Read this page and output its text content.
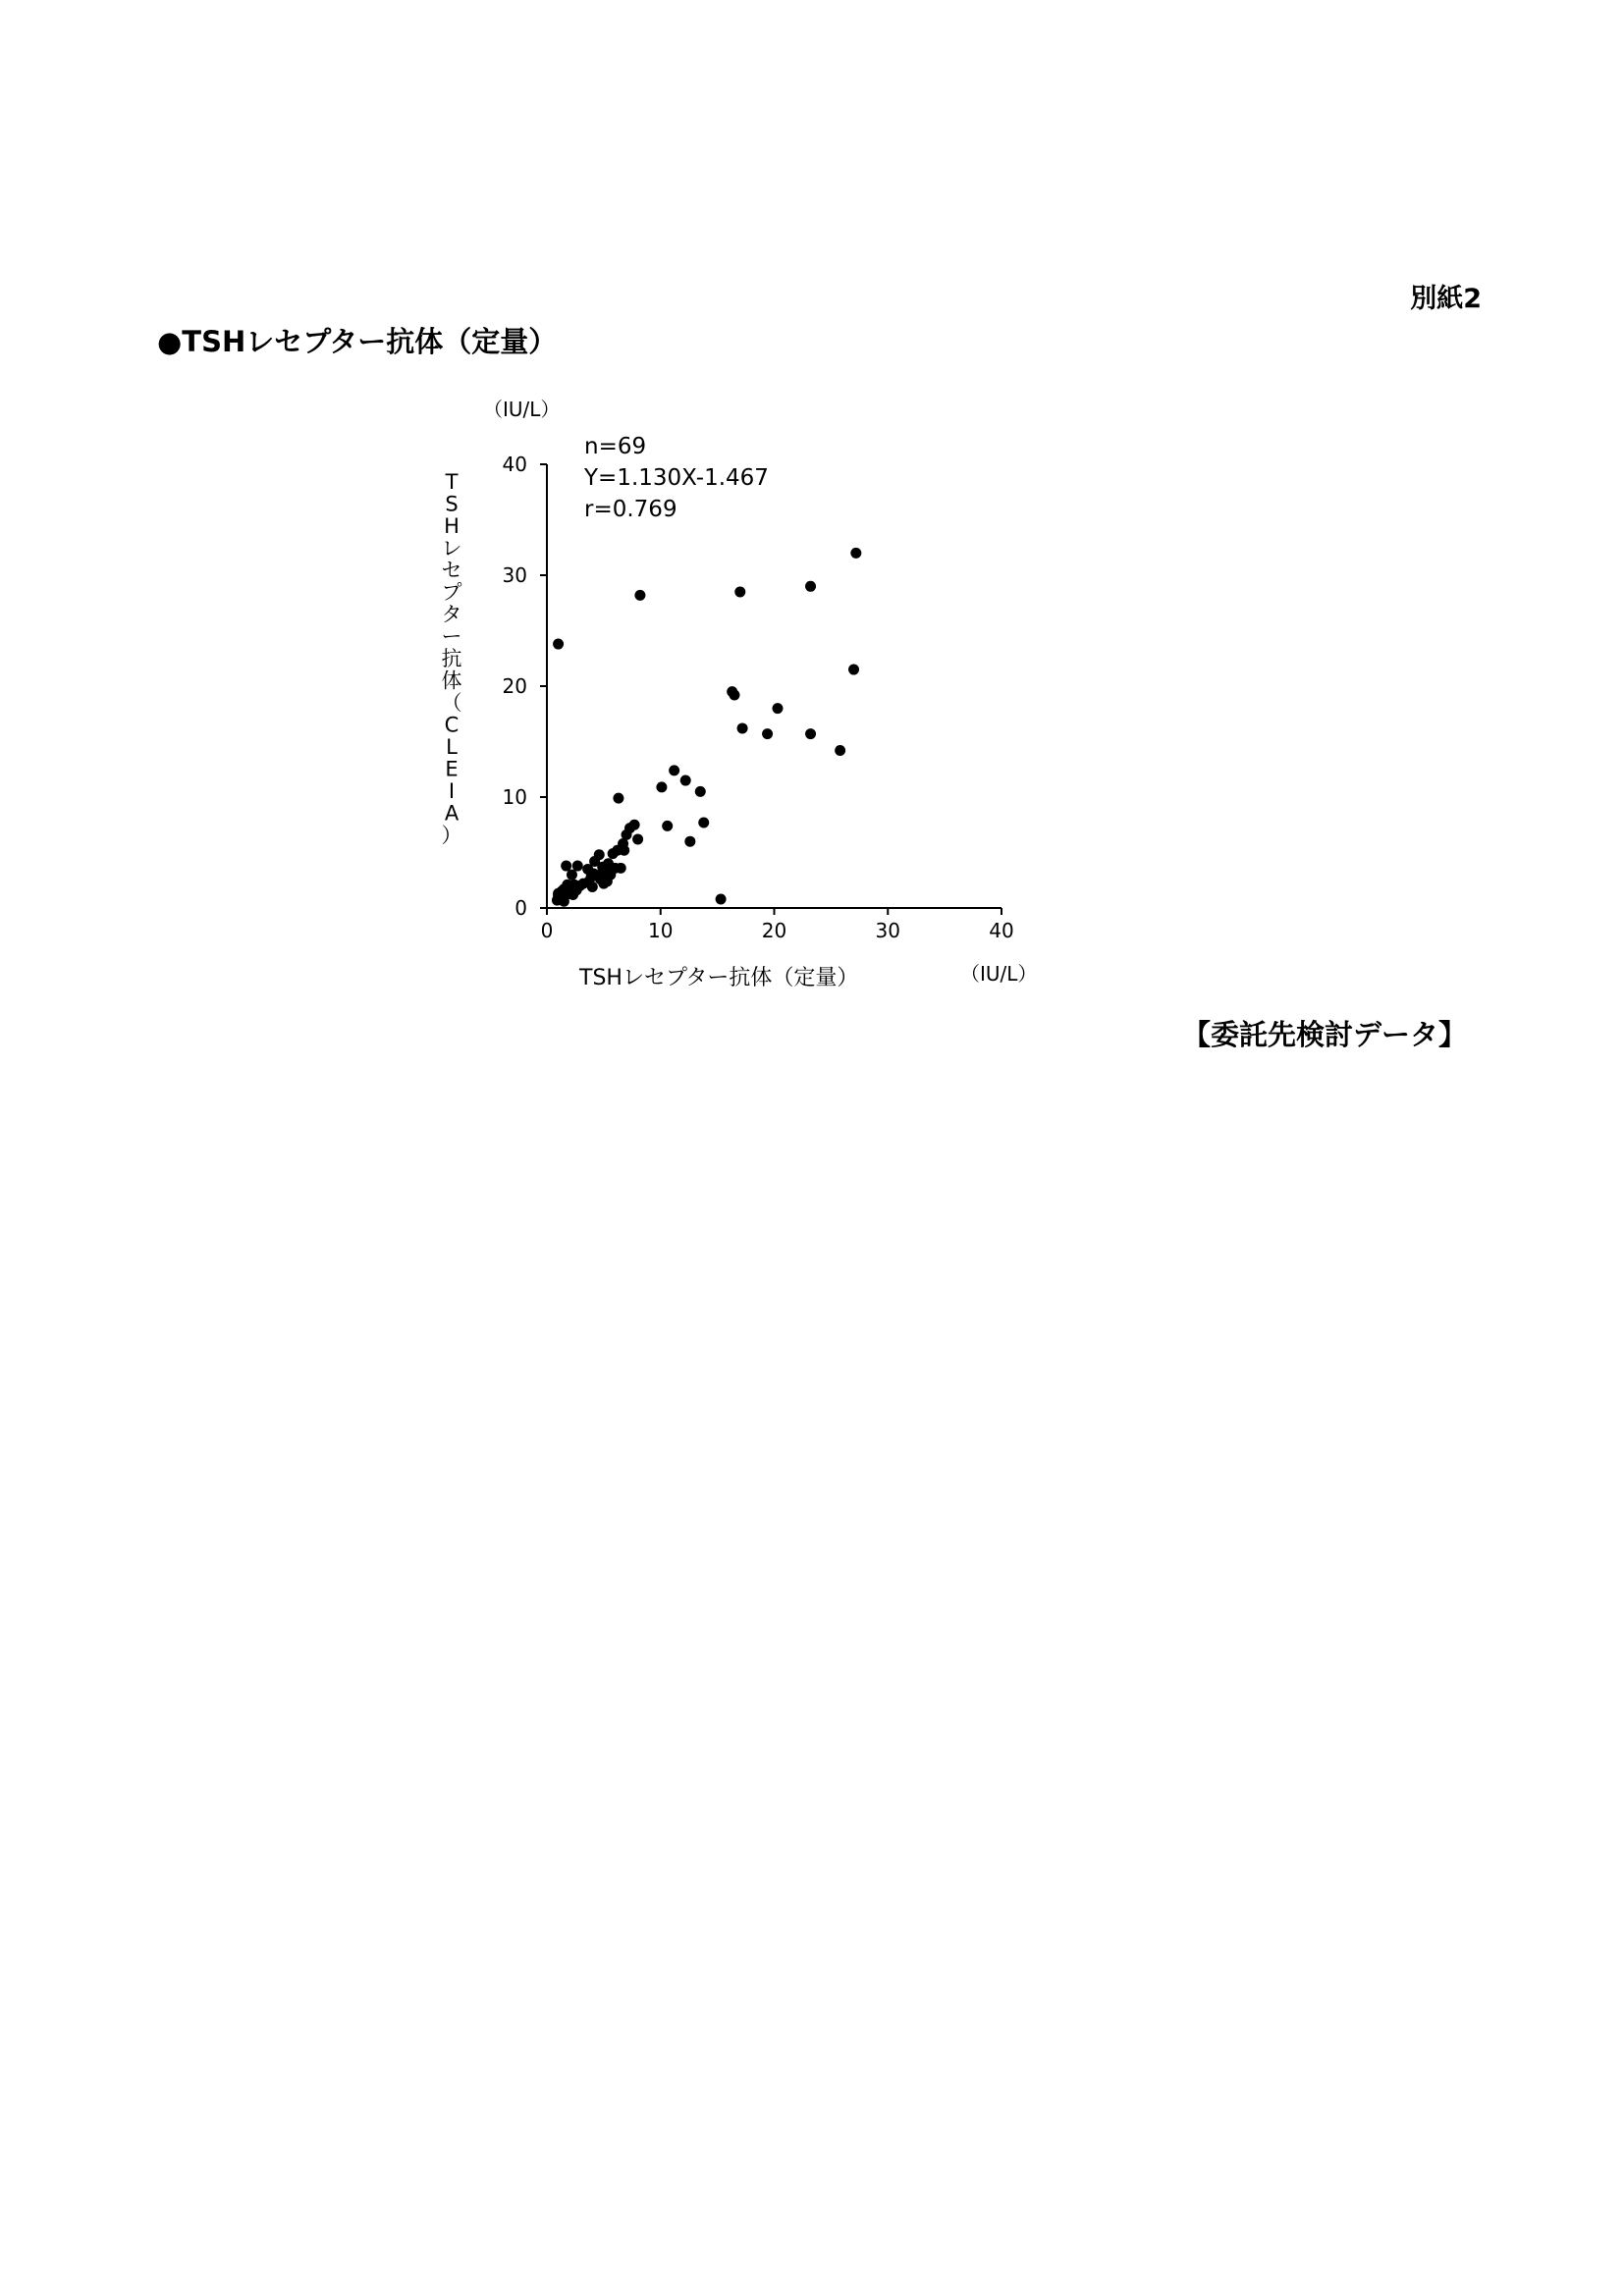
別紙2
●TSHレセプター抗体（定量）
（IU/L）
n=69
Y=1.130X-1.467
r=0.769
0
10
20
30
40
0	10	20	30	40
T
S
H
レ
セ
プ
タ
ー
抗
体
（
C
L
E
I
A
）
TSHレセプター抗体（定量）	（IU/L）
【委託先検討データ】
